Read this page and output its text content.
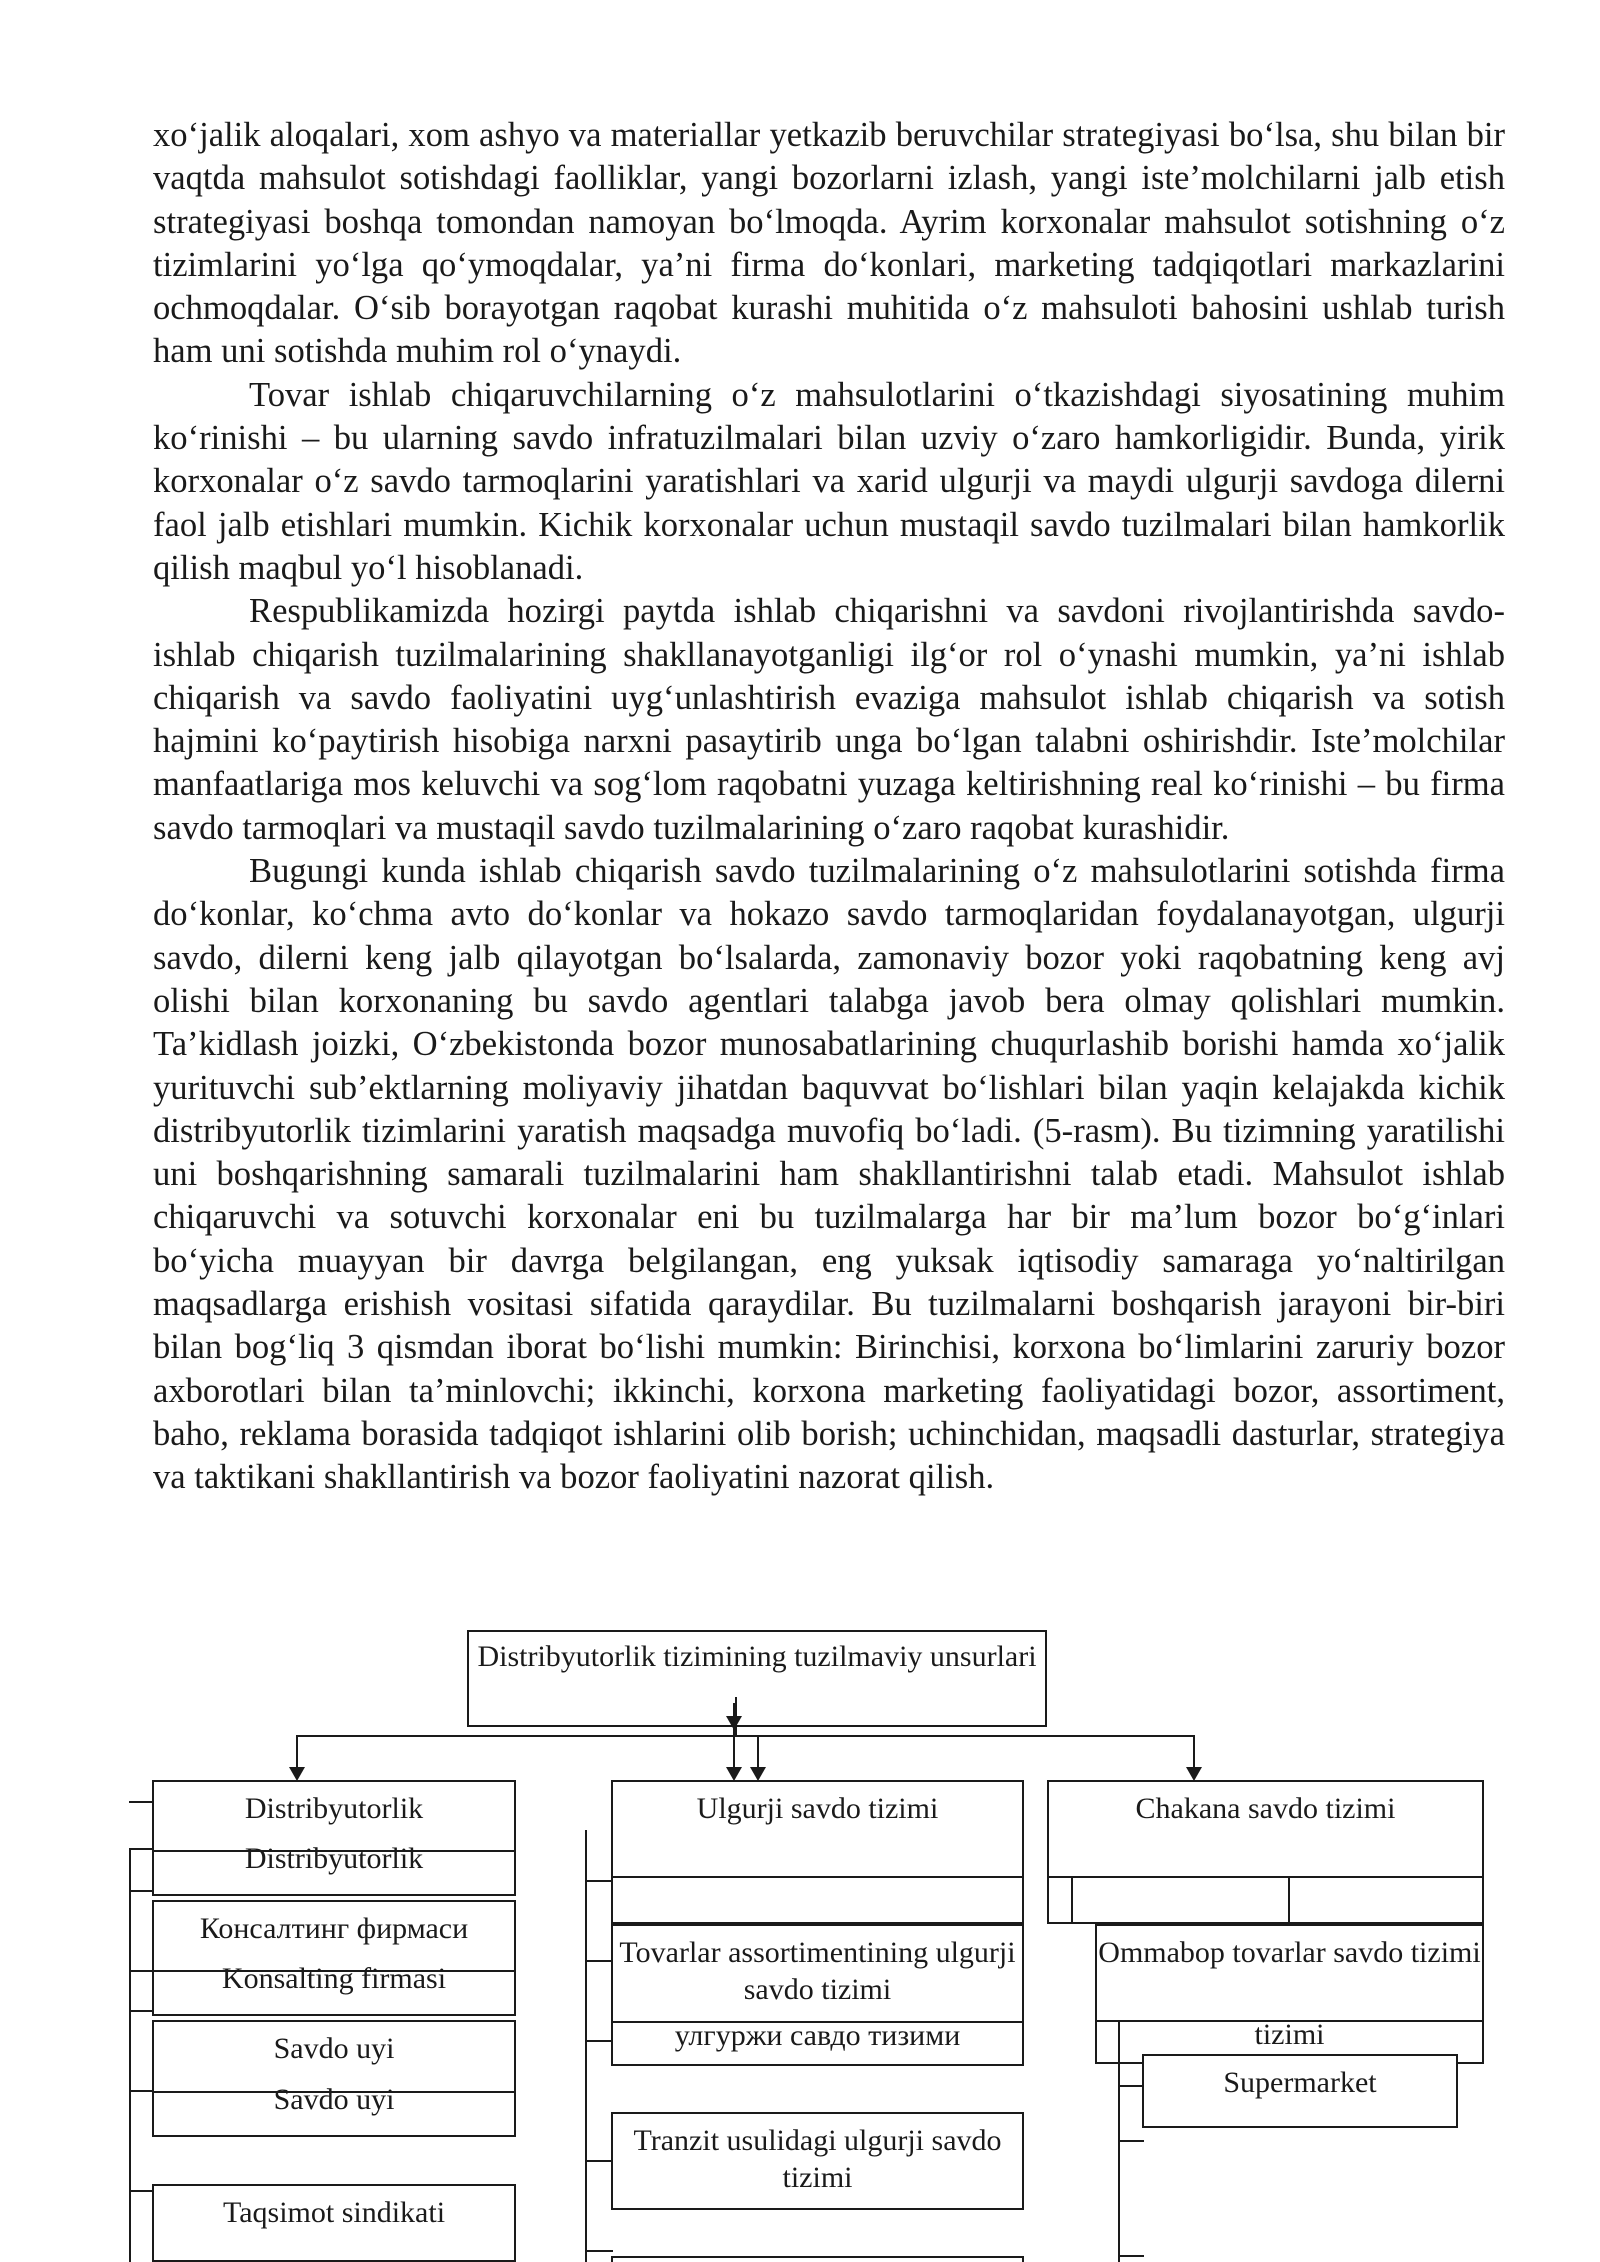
xo‘jalik aloqalari, xom ashyo va materiallar yetkazib beruvchilar strategiyasi bo‘lsa, shu bilan bir vaqtda mahsulot sotishdagi faolliklar, yangi bozorlarni izlash, yangi iste’molchilarni jalb etish strategiyasi boshqa tomondan namoyan bo‘lmoqda. Ayrim korxonalar mahsulot sotishning o‘z tizimlarini yo‘lga qo‘ymoqdalar, ya’ni firma do‘konlari, marketing tadqiqotlari markazlarini ochmoqdalar. O‘sib borayotgan raqobat kurashi muhitida o‘z mahsuloti bahosini ushlab turish ham uni sotishda muhim rol o‘ynaydi.

Tovar ishlab chiqaruvchilarning o‘z mahsulotlarini o‘tkazishdagi siyosatining muhim ko‘rinishi – bu ularning savdo infratuzilmalari bilan uzviy o‘zaro hamkorligidir. Bunda, yirik korxonalar o‘z savdo tarmoqlarini yaratishlari va xarid ulgurji va maydi ulgurji savdoga dilerni faol jalb etishlari mumkin. Kichik korxonalar uchun mustaqil savdo tuzilmalari bilan hamkorlik qilish maqbul yo‘l hisoblanadi.

Respublikamizda hozirgi paytda ishlab chiqarishni va savdoni rivojlantirishda savdo-ishlab chiqarish tuzilmalarining shakllanayotganligi ilg‘or rol o‘ynashi mumkin, ya’ni ishlab chiqarish va savdo faoliyatini uyg‘unlashtirish evaziga mahsulot ishlab chiqarish va sotish hajmini ko‘paytirish hisobiga narxni pasaytirib unga bo‘lgan talabni oshirishdir. Iste’molchilar manfaatlariga mos keluvchi va sog‘lom raqobatni yuzaga keltirishning real ko‘rinishi – bu firma savdo tarmoqlari va mustaqil savdo tuzilmalarining o‘zaro raqobat kurashidir.

Bugungi kunda ishlab chiqarish savdo tuzilmalarining o‘z mahsulotlarini sotishda firma do‘konlar, ko‘chma avto do‘konlar va hokazo savdo tarmoqlaridan foydalanayotgan, ulgurji savdo, dilerni keng jalb qilayotgan bo‘lsalarda, zamonaviy bozor yoki raqobatning keng avj olishi bilan korxonaning bu savdo agentlari talabga javob bera olmay qolishlari mumkin. Ta’kidlash joizki, O‘zbekistonda bozor munosabatlarining chuqurlashib borishi hamda xo‘jalik yurituvchi sub’ektlarning moliyaviy jihatdan baquvvat bo‘lishlari bilan yaqin kelajakda kichik distribyutorlik tizimlarini yaratish maqsadga muvofiq bo‘ladi. (5-rasm). Bu tizimning yaratilishi uni boshqarishning samarali tuzilmalarini ham shakllantirishni talab etadi. Mahsulot ishlab chiqaruvchi va sotuvchi korxonalar eni bu tuzilmalarga har bir ma’lum bozor bo‘g‘inlari bo‘yicha muayyan bir davrga belgilangan, eng yuksak iqtisodiy samaraga yo‘naltirilgan maqsadlarga erishish vositasi sifatida qaraydilar. Bu tuzilmalarni boshqarish jarayoni bir-biri bilan bog‘liq 3 qismdan iborat bo‘lishi mumkin: Birinchisi, korxona bo‘limlarini zaruriy bozor axborotlari bilan ta’minlovchi; ikkinchi, korxona marketing faoliyatidagi bozor, assortiment, baho, reklama borasida tadqiqot ishlarini olib borish; uchinchidan, maqsadli dasturlar, strategiya va taktikani shakllantirish va bozor faoliyatini nazorat qilish.

Distribyutorlik tizimining tuzilmaviy unsurlari
Distribyutorlik
Distribyutorlik
Консалтинг фирмаси
Konsalting firmasi
Savdo uyi
Savdo uyi
Taqsimot sindikati
Ulgurji savdo tizimi
Tovarlar assortimentining ulgurji savdo tizimi
улгуржи савдо тизими
Tranzit usulidagi ulgurji savdo tizimi
Chakana savdo tizimi
Ommabop tovarlar savdo tizimi
tizimi
Supermarket
